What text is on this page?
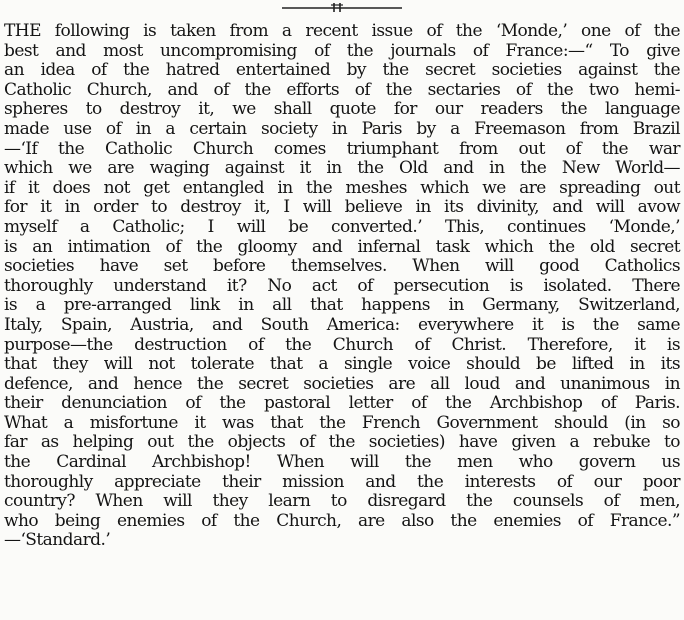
THE following is taken from a recent issue of the ‘Monde,’ one of the
best and most uncompromising of the journals of France:—“ To give
an idea of the hatred entertained by the secret societies against the
Catholic Church, and of the efforts of the sectaries of the two hemi-
spheres to destroy it, we shall quote for our readers the language
made use of in a certain society in Paris by a Freemason from Brazil
—‘If the Catholic Church comes triumphant from out of the war
which we are waging against it in the Old and in the New World—
if it does not get entangled in the meshes which we are spreading out
for it in order to destroy it, I will believe in its divinity, and will avow
myself a Catholic; I will be converted.’ This, continues ‘Monde,’
is an intimation of the gloomy and infernal task which the old secret
societies have set before themselves. When will good Catholics
thoroughly understand it? No act of persecution is isolated. There
is a pre-arranged link in all that happens in Germany, Switzerland,
Italy, Spain, Austria, and South America: everywhere it is the same
purpose—the destruction of the Church of Christ. Therefore, it is
that they will not tolerate that a single voice should be lifted in its
defence, and hence the secret societies are all loud and unanimous in
their denunciation of the pastoral letter of the Archbishop of Paris.
What a misfortune it was that the French Government should (in so
far as helping out the objects of the societies) have given a rebuke to
the Cardinal Archbishop! When will the men who govern us
thoroughly appreciate their mission and the interests of our poor
country? When will they learn to disregard the counsels of men,
who being enemies of the Church, are also the enemies of France.”
—‘Standard.’
